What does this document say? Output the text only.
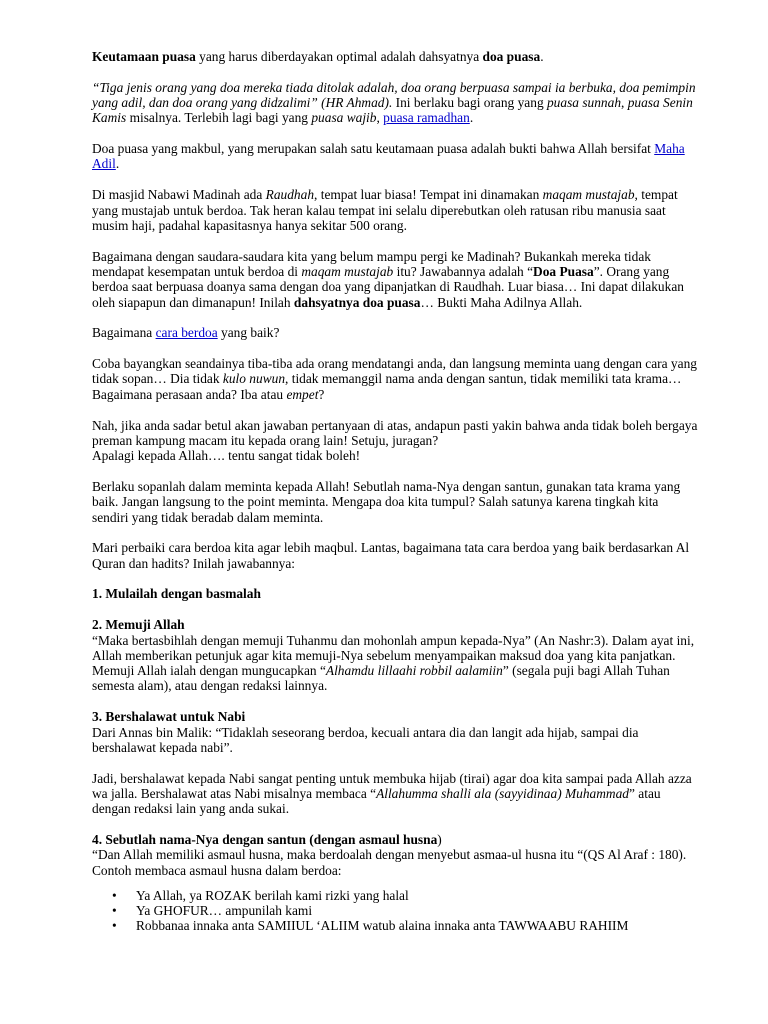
Keutamaan puasa yang harus diberdayakan optimal adalah dahsyatnya doa puasa.

“Tiga jenis orang yang doa mereka tiada ditolak adalah, doa orang berpuasa sampai ia berbuka, doa pemimpin yang adil, dan doa orang yang didzalimi” (HR Ahmad). Ini berlaku bagi orang yang puasa sunnah, puasa Senin Kamis misalnya. Terlebih lagi bagi yang puasa wajib, puasa ramadhan.

Doa puasa yang makbul, yang merupakan salah satu keutamaan puasa adalah bukti bahwa Allah bersifat Maha Adil.

Di masjid Nabawi Madinah ada Raudhah, tempat luar biasa! Tempat ini dinamakan maqam mustajab, tempat yang mustajab untuk berdoa. Tak heran kalau tempat ini selalu diperebutkan oleh ratusan ribu manusia saat musim haji, padahal kapasitasnya hanya sekitar 500 orang.

Bagaimana dengan saudara-saudara kita yang belum mampu pergi ke Madinah? Bukankah mereka tidak mendapat kesempatan untuk berdoa di maqam mustajab itu? Jawabannya adalah “Doa Puasa”. Orang yang berdoa saat berpuasa doanya sama dengan doa yang dipanjatkan di Raudhah. Luar biasa… Ini dapat dilakukan oleh siapapun dan dimanapun! Inilah dahsyatnya doa puasa… Bukti Maha Adilnya Allah.

Bagaimana cara berdoa yang baik?

Coba bayangkan seandainya tiba-tiba ada orang mendatangi anda, dan langsung meminta uang dengan cara yang tidak sopan… Dia tidak kulo nuwun, tidak memanggil nama anda dengan santun, tidak memiliki tata krama… Bagaimana perasaan anda? Iba atau empet?

Nah, jika anda sadar betul akan jawaban pertanyaan di atas, andapun pasti yakin bahwa anda tidak boleh bergaya preman kampung macam itu kepada orang lain! Setuju, juragan?
Apalagi kepada Allah…. tentu sangat tidak boleh!

Berlaku sopanlah dalam meminta kepada Allah! Sebutlah nama-Nya dengan santun, gunakan tata krama yang baik. Jangan langsung to the point meminta. Mengapa doa kita tumpul? Salah satunya karena tingkah kita sendiri yang tidak beradab dalam meminta.

Mari perbaiki cara berdoa kita agar lebih maqbul. Lantas, bagaimana tata cara berdoa yang baik berdasarkan Al Quran dan hadits? Inilah jawabannya:

1. Mulailah dengan basmalah

2. Memuji Allah
“Maka bertasbihlah dengan memuji Tuhanmu dan mohonlah ampun kepada-Nya” (An Nashr:3). Dalam ayat ini, Allah memberikan petunjuk agar kita memuji-Nya sebelum menyampaikan maksud doa yang kita panjatkan. Memuji Allah ialah dengan mungucapkan “Alhamdu lillaahi robbil aalamiin” (segala puji bagi Allah Tuhan semesta alam), atau dengan redaksi lainnya.

3. Bershalawat untuk Nabi
Dari Annas bin Malik: “Tidaklah seseorang berdoa, kecuali antara dia dan langit ada hijab, sampai dia bershalawat kepada nabi”.

Jadi, bershalawat kepada Nabi sangat penting untuk membuka hijab (tirai) agar doa kita sampai pada Allah azza wa jalla. Bershalawat atas Nabi misalnya membaca “Allahumma shalli ala (sayyidinaa) Muhammad” atau dengan redaksi lain yang anda sukai.

4. Sebutlah nama-Nya dengan santun (dengan asmaul husna)
“Dan Allah memiliki asmaul husna, maka berdoalah dengan menyebut asmaa-ul husna itu “(QS Al Araf : 180).
Contoh membaca asmaul husna dalam berdoa:

• Ya Allah, ya ROZAK berilah kami rizki yang halal
• Ya GHOFUR… ampunilah kami
• Robbanaa innaka anta SAMIIUL ‘ALIIM watub alaina innaka anta TAWWAABU RAHIIM
